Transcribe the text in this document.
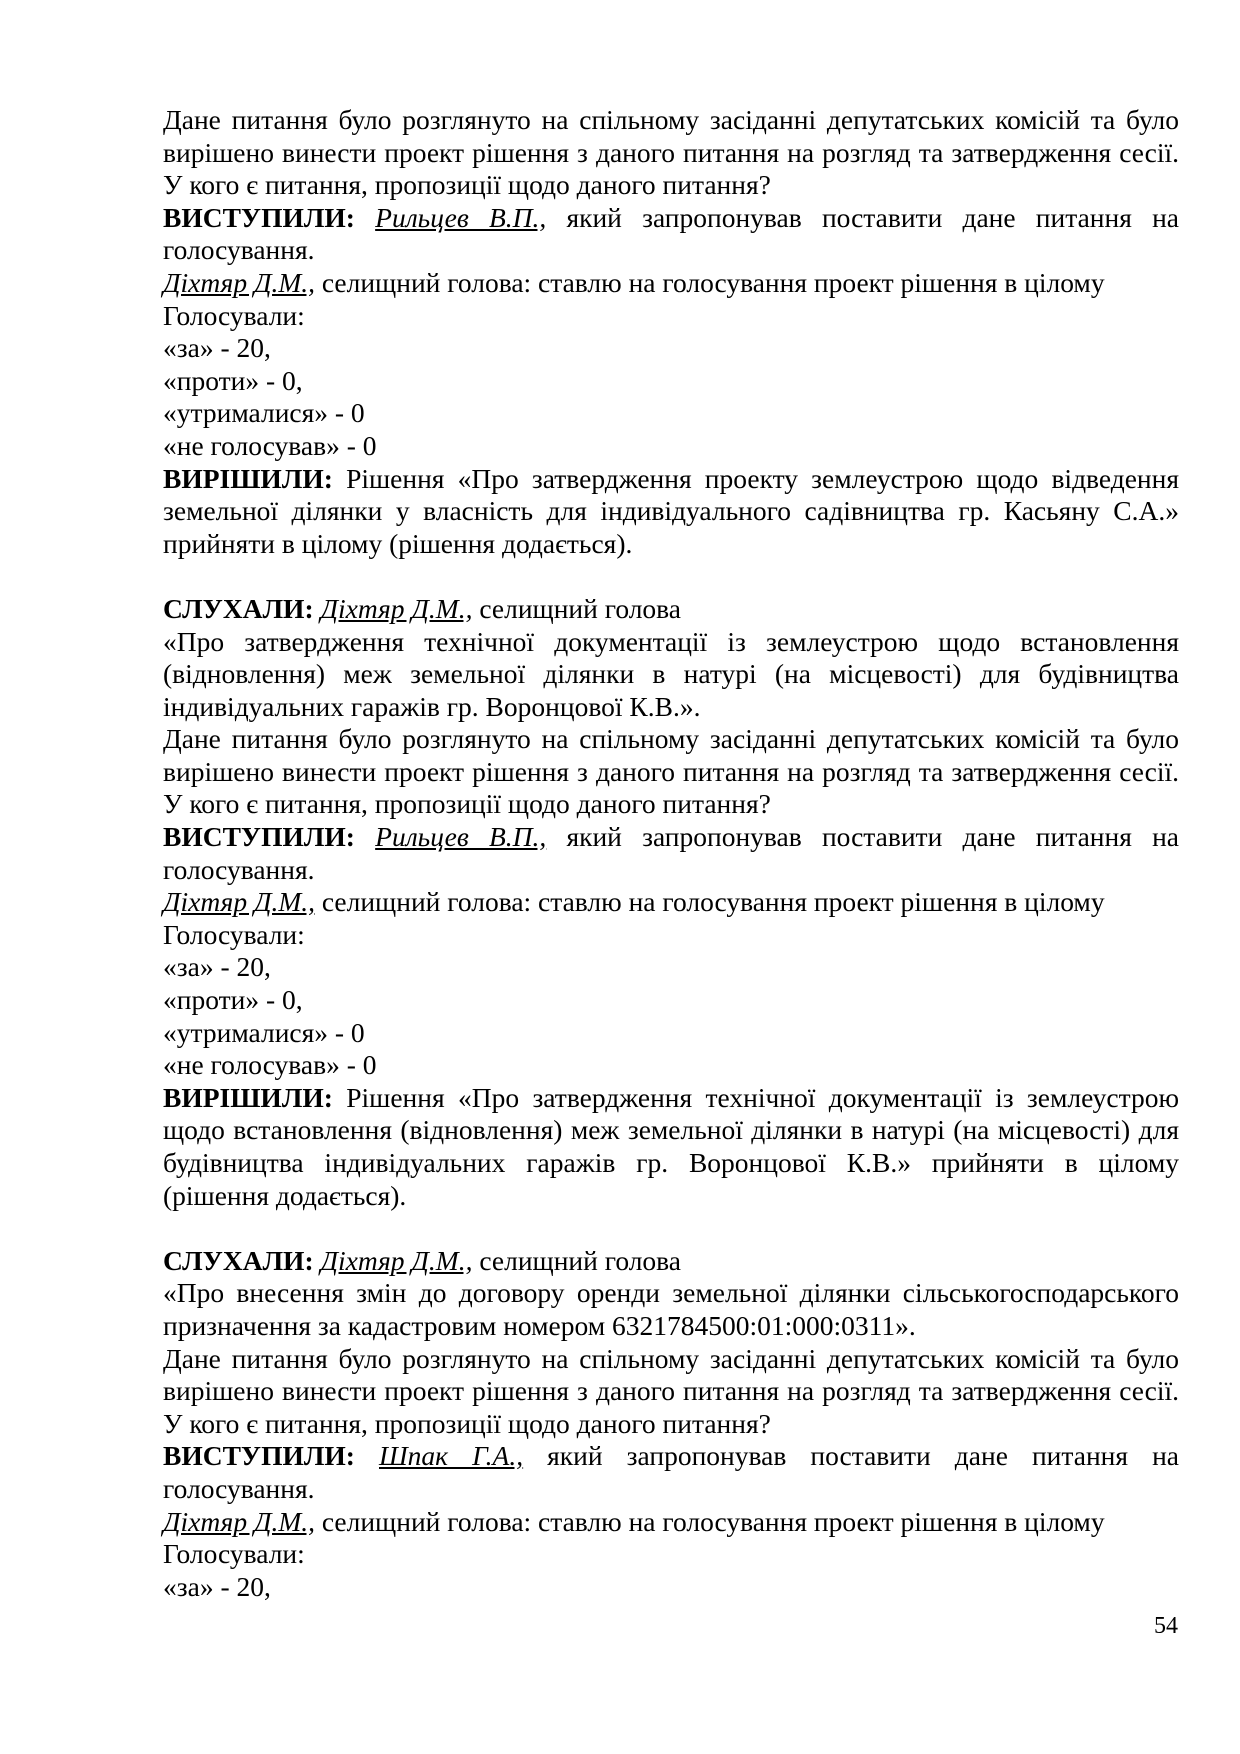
Дане питання було розглянуто на спільному засіданні депутатських комісій та було вирішено винести проект рішення з даного питання на розгляд та затвердження сесії. У кого є питання, пропозиції щодо даного питання?

ВИСТУПИЛИ: Рильцев В.П., який запропонував поставити дане питання на голосування.

Діхтяр Д.М., селищний голова: ставлю на голосування проект рішення в цілому

Голосували:

«за» - 20,

«проти» - 0,

«утрималися» - 0

«не голосував» - 0

ВИРІШИЛИ: Рішення «Про затвердження проекту землеустрою щодо відведення земельної ділянки у власність для індивідуального садівництва гр. Касьяну С.А.» прийняти в цілому (рішення додається).

СЛУХАЛИ: Діхтяр Д.М., селищний голова

«Про затвердження технічної документації із землеустрою щодо встановлення (відновлення) меж земельної ділянки в натурі (на місцевості) для будівництва індивідуальних гаражів гр. Воронцової К.В.».

Дане питання було розглянуто на спільному засіданні депутатських комісій та було вирішено винести проект рішення з даного питання на розгляд та затвердження сесії. У кого є питання, пропозиції щодо даного питання?

ВИСТУПИЛИ: Рильцев В.П., який запропонував поставити дане питання на голосування.

Діхтяр Д.М., селищний голова: ставлю на голосування проект рішення в цілому

Голосували:

«за» - 20,

«проти» - 0,

«утрималися» - 0

«не голосував» - 0

ВИРІШИЛИ: Рішення «Про затвердження технічної документації із землеустрою щодо встановлення (відновлення) меж земельної ділянки в натурі (на місцевості) для будівництва індивідуальних гаражів гр. Воронцової К.В.» прийняти в цілому (рішення додається).

СЛУХАЛИ: Діхтяр Д.М., селищний голова

«Про внесення змін до договору оренди земельної ділянки сільськогосподарського призначення за кадастровим номером 6321784500:01:000:0311».

Дане питання було розглянуто на спільному засіданні депутатських комісій та було вирішено винести проект рішення з даного питання на розгляд та затвердження сесії. У кого є питання, пропозиції щодо даного питання?

ВИСТУПИЛИ: Шпак Г.А., який запропонував поставити дане питання на голосування.

Діхтяр Д.М., селищний голова: ставлю на голосування проект рішення в цілому

Голосували:

«за» - 20,

54
